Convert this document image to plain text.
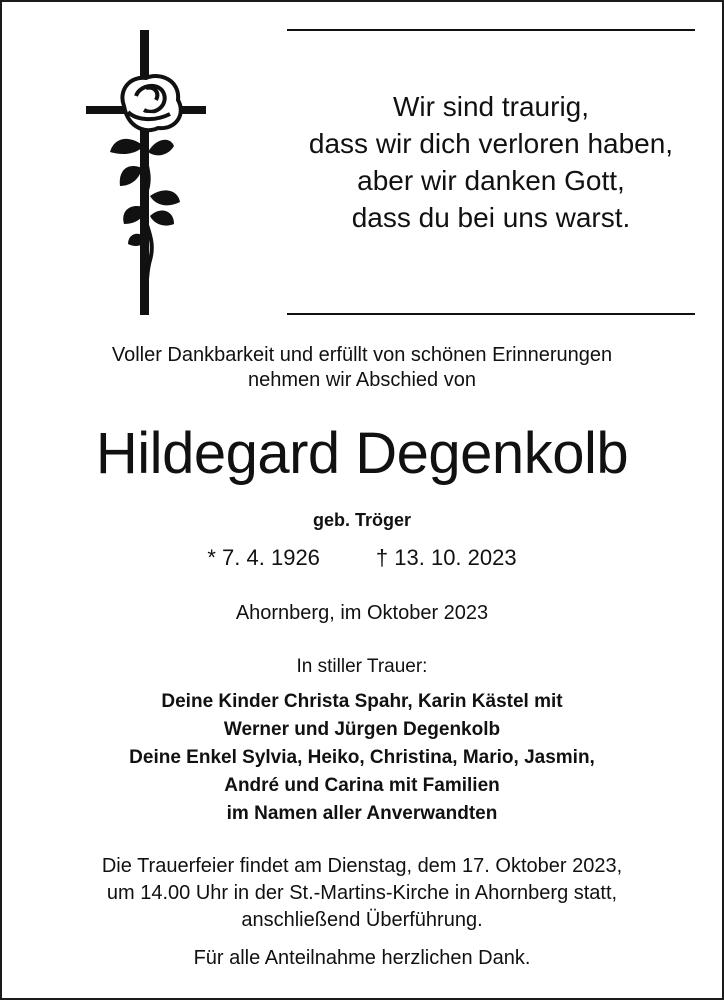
Wir sind traurig,
dass wir dich verloren haben,
aber wir danken Gott,
dass du bei uns warst.
Voller Dankbarkeit und erfüllt von schönen Erinnerungen
nehmen wir Abschied von
Hildegard Degenkolb
geb. Tröger
* 7. 4. 1926	† 13. 10. 2023
Ahornberg, im Oktober 2023
In stiller Trauer:
Deine Kinder Christa Spahr, Karin Kästel mit
Werner und Jürgen Degenkolb
Deine Enkel Sylvia, Heiko, Christina, Mario, Jasmin,
André und Carina mit Familien
im Namen aller Anverwandten
Die Trauerfeier findet am Dienstag, dem 17. Oktober 2023,
um 14.00 Uhr in der St.-Martins-Kirche in Ahornberg statt,
anschließend Überführung.
Für alle Anteilnahme herzlichen Dank.
